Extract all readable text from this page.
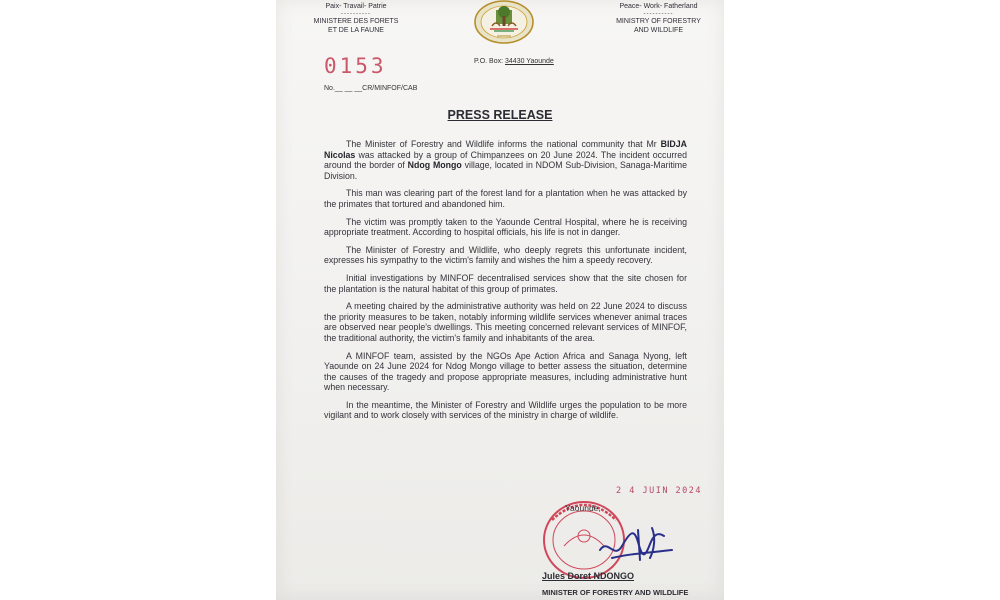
Paix- Travail- Patrie
----------
MINISTERE DES FORETS
ET DE LA FAUNE
Peace- Work- Fatherland
----------
MINISTRY OF FORESTRY
AND WILDLIFE
0153
No.__ __ __CR/MINFOF/CAB
P.O. Box: 34430 Yaounde
PRESS RELEASE

The Minister of Forestry and Wildlife informs the national community that Mr BIDJA Nicolas was attacked by a group of Chimpanzees on 20 June 2024. The incident occurred around the border of Ndog Mongo village, located in NDOM Sub-Division, Sanaga-Maritime Division.

This man was clearing part of the forest land for a plantation when he was attacked by the primates that tortured and abandoned him.

The victim was promptly taken to the Yaounde Central Hospital, where he is receiving appropriate treatment. According to hospital officials, his life is not in danger.

The Minister of Forestry and Wildlife, who deeply regrets this unfortunate incident, expresses his sympathy to the victim's family and wishes the him a speedy recovery.

Initial investigations by MINFOF decentralised services show that the site chosen for the plantation is the natural habitat of this group of primates.

A meeting chaired by the administrative authority was held on 22 June 2024 to discuss the priority measures to be taken, notably informing wildlife services whenever animal traces are observed near people's dwellings. This meeting concerned relevant services of MINFOF, the traditional authority, the victim's family and inhabitants of the area.

A MINFOF team, assisted by the NGOs Ape Action Africa and Sanaga Nyong, left Yaounde on 24 June 2024 for Ndog Mongo village to better assess the situation, determine the causes of the tragedy and propose appropriate measures, including administrative hunt when necessary.

In the meantime, the Minister of Forestry and Wildlife urges the population to be more vigilant and to work closely with services of the ministry in charge of wildlife.

2 4 JUIN 2024
Yaounde,
Jules Doret NDONGO
MINISTER OF FORESTRY AND WILDLIFE
